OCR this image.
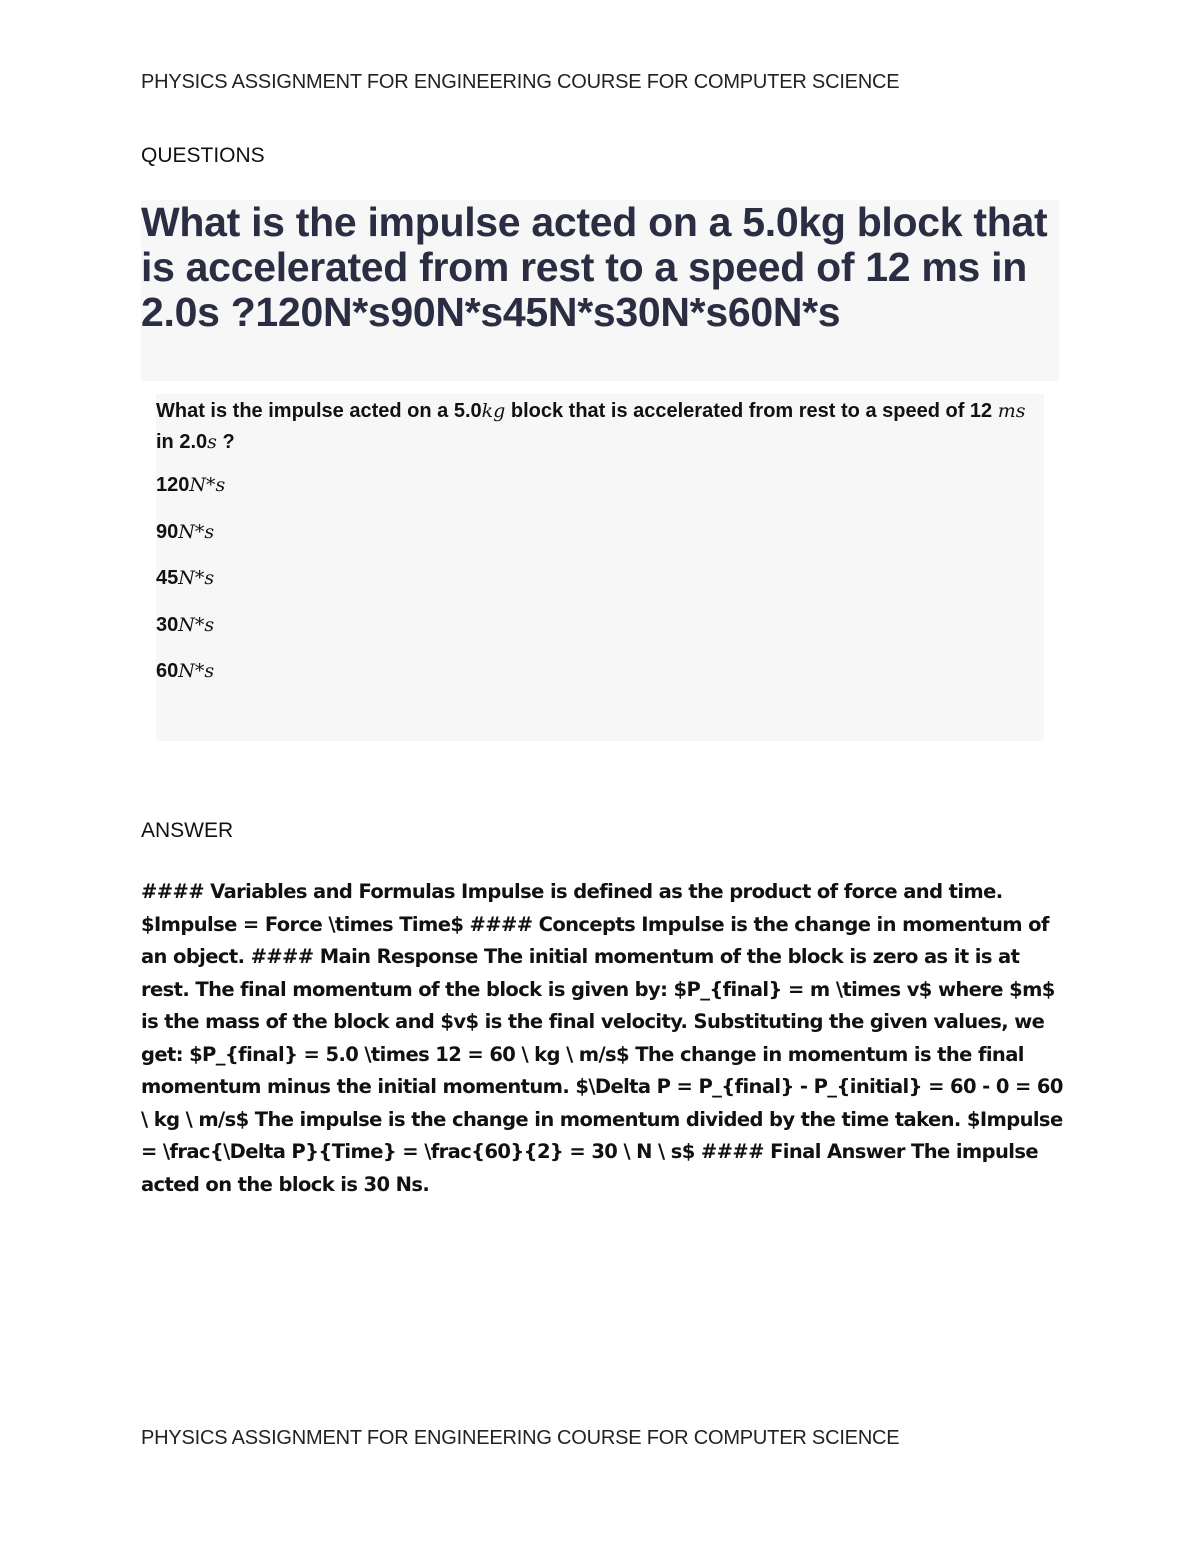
PHYSICS ASSIGNMENT FOR ENGINEERING COURSE FOR COMPUTER SCIENCE
QUESTIONS
What is the impulse acted on a 5.0kg block that is accelerated from rest to a speed of 12 ms in 2.0s ?120N*s90N*s45N*s30N*s60N*s

What is the impulse acted on a 5.0kg block that is accelerated from rest to a speed of 12 ms in 2.0s ?

120N*s
90N*s
45N*s
30N*s
60N*s
ANSWER

#### Variables and Formulas Impulse is defined as the product of force and time. $Impulse = Force \times Time$ #### Concepts Impulse is the change in momentum of an object. #### Main Response The initial momentum of the block is zero as it is at rest. The final momentum of the block is given by: $P_{final} = m \times v$ where $m$ is the mass of the block and $v$ is the final velocity. Substituting the given values, we get: $P_{final} = 5.0 \times 12 = 60 \ kg \ m/s$ The change in momentum is the final momentum minus the initial momentum. $\Delta P = P_{final} - P_{initial} = 60 - 0 = 60 \ kg \ m/s$ The impulse is the change in momentum divided by the time taken. $Impulse = \frac{\Delta P}{Time} = \frac{60}{2} = 30 \ N \ s$ #### Final Answer The impulse acted on the block is 30 Ns.

PHYSICS ASSIGNMENT FOR ENGINEERING COURSE FOR COMPUTER SCIENCE
